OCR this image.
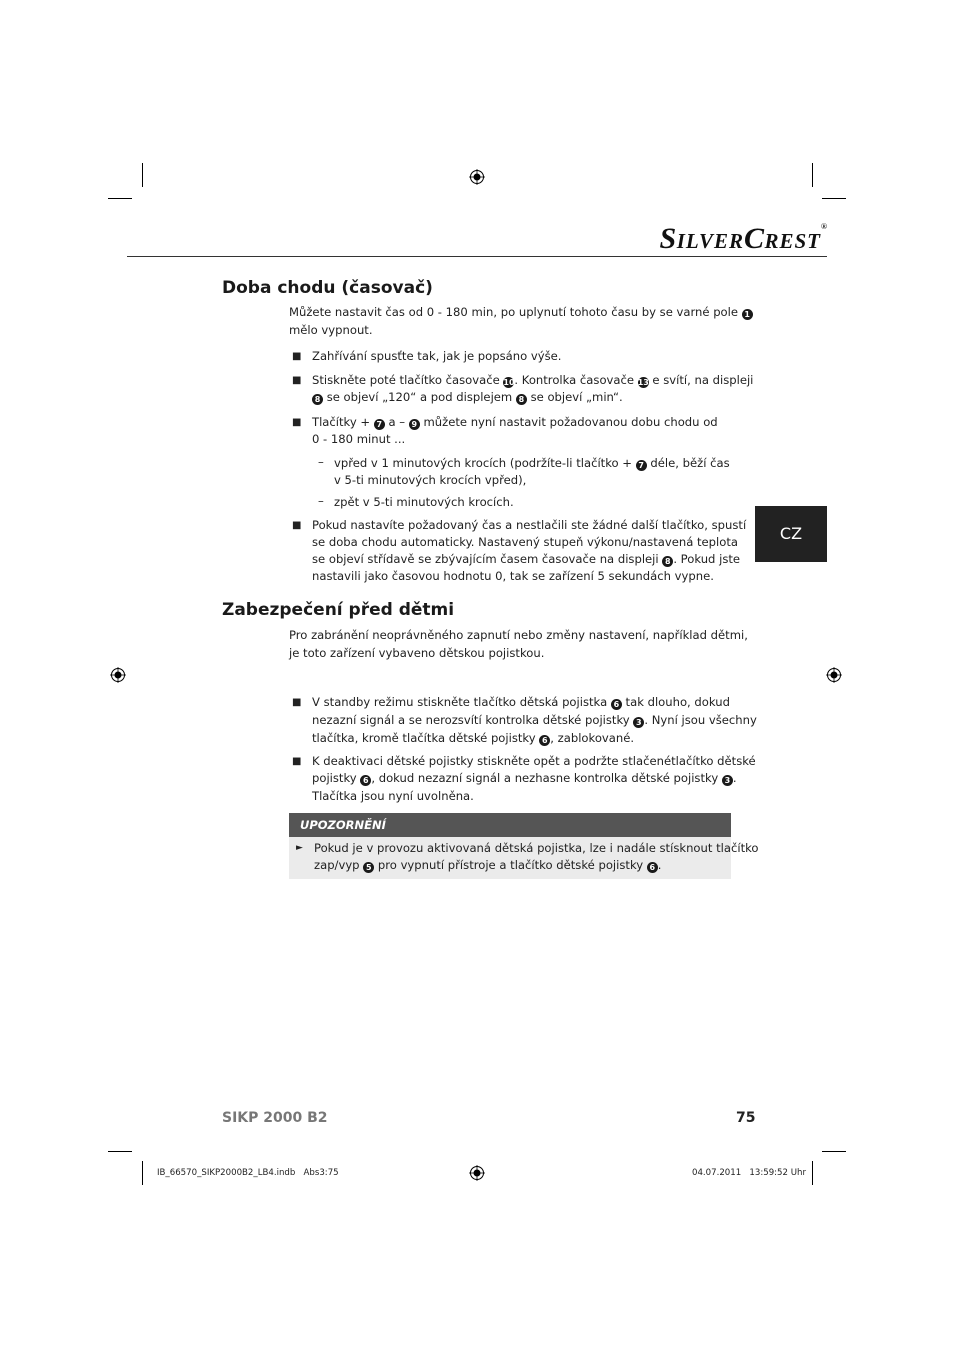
SILVERCREST®
Doba chodu (časovač)
Můžete nastavit čas od 0 - 180 min, po uplynutí tohoto času by se varné pole 1
mělo vypnout.
■ Zahřívání spusťte tak, jak je popsáno výše.
■ Stiskněte poté tlačítko časovače 10. Kontrolka časovače 13 e svítí, na displeji
8 se objeví „120“ a pod displejem 8 se objeví „min“.
■ Tlačítky + 7 a – 9 můžete nyní nastavit požadovanou dobu chodu od
0 - 180 minut ...
– vpřed v 1 minutových krocích (podržíte-li tlačítko + 7 déle, běží čas
v 5-ti minutových krocích vpřed),
– zpět v 5-ti minutových krocích.
■ Pokud nastavíte požadovaný čas a nestlačili ste žádné další tlačítko, spustí
se doba chodu automaticky. Nastavený stupeň výkonu/nastavená teplota
se objeví střídavě se zbývajícím časem časovače na displeji 8 . Pokud jste
nastavili jako časovou hodnotu 0, tak se zařízení 5 sekundách vypne.
CZ
Zabezpečení před dětmi
Pro zabránění neoprávněného zapnutí nebo změny nastavení, například dětmi,
je toto zařízení vybaveno dětskou pojistkou.
■ V standby režimu stiskněte tlačítko dětská pojistka 6 tak dlouho, dokud
nezazní signál a se nerozsvítí kontrolka dětské pojistky 3 . Nyní jsou všechny
tlačítka, kromě tlačítka dětské pojistky 6 , zablokované.
■ K deaktivaci dětské pojistky stiskněte opět a podržte stlačenétlačítko dětské
pojistky 6 , dokud nezazní signál a nezhasne kontrolka dětské pojistky 3 .
Tlačítka jsou nyní uvolněna.
UPOZORNĚNÍ
► Pokud je v provozu aktivovaná dětská pojistka, lze i nadále stísknout tlačítko
zap/vyp 5 pro vypnutí přístroje a tlačítko dětské pojistky 6 .
SIKP 2000 B2	75
IB_66570_SIKP2000B2_LB4.indb   Abs3:75	04.07.2011   13:59:52 Uhr
